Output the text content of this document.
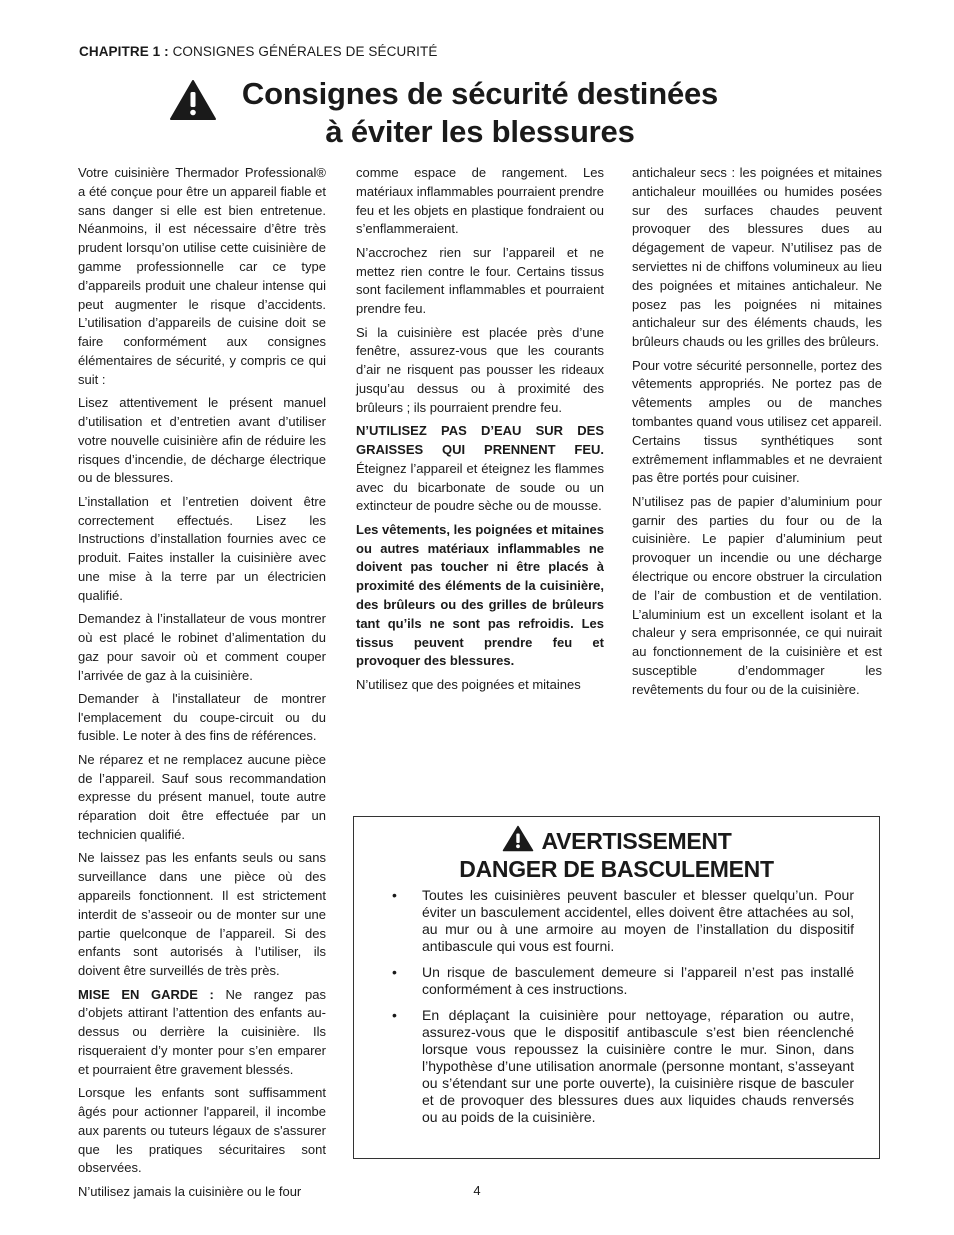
CHAPITRE 1 : CONSIGNES GÉNÉRALES DE SÉCURITÉ
Consignes de sécurité destinées
à éviter les blessures

Votre cuisinière Thermador Professional® a été conçue pour être un appareil fiable et sans danger si elle est bien entretenue. Néanmoins, il est nécessaire d’être très prudent lorsqu’on utilise cette cuisinière de gamme professionnelle car ce type d’appareils produit une chaleur intense qui peut augmenter le risque d’accidents. L’utilisation d’appareils de cuisine doit se faire conformément aux consignes élémentaires de sécurité, y compris ce qui suit :

Lisez attentivement le présent manuel d’utilisation et d’entretien avant d’utiliser votre nouvelle cuisinière afin de réduire les risques d’incendie, de décharge électrique ou de blessures.

L’installation et l’entretien doivent être correctement effectués. Lisez les Instructions d’installation fournies avec ce produit. Faites installer la cuisinière avec une mise à la terre par un électricien qualifié.

Demandez à l’installateur de vous montrer où est placé le robinet d’alimentation du gaz pour savoir où et comment couper l’arrivée de gaz à la cuisinière.

Demander à l'installateur de montrer l'emplacement du coupe-circuit ou du fusible. Le noter à des fins de références.

Ne réparez et ne remplacez aucune pièce de l’appareil. Sauf sous recommandation expresse du présent manuel, toute autre réparation doit être effectuée par un technicien qualifié.

Ne laissez pas les enfants seuls ou sans surveillance dans une pièce où des appareils fonctionnent. Il est strictement interdit de s’asseoir ou de monter sur une partie quelconque de l’appareil. Si des enfants sont autorisés à l’utiliser, ils doivent être surveillés de très près.

MISE EN GARDE : Ne rangez pas d’objets attirant l’attention des enfants au-dessus ou derrière la cuisinière. Ils risqueraient d’y monter pour s’en emparer et pourraient être gravement blessés.

Lorsque les enfants sont suffisamment âgés pour actionner l'appareil, il incombe aux parents ou tuteurs légaux de s'assurer que les pratiques sécuritaires sont observées.

N’utilisez jamais la cuisinière ou le four

comme espace de rangement. Les matériaux inflammables pourraient prendre feu et les objets en plastique fondraient ou s’enflammeraient.

N’accrochez rien sur l’appareil et ne mettez rien contre le four. Certains tissus sont facilement inflammables et pourraient prendre feu.

Si la cuisinière est placée près d’une fenêtre, assurez-vous que les courants d’air ne risquent pas pousser les rideaux jusqu’au dessus ou à proximité des brûleurs ; ils pourraient prendre feu.

N’UTILISEZ PAS D’EAU SUR DES GRAISSES QUI PRENNENT FEU. Éteignez l’appareil et éteignez les flammes avec du bicarbonate de soude ou un extincteur de poudre sèche ou de mousse.

Les vêtements, les poignées et mitaines ou autres matériaux inflammables ne doivent pas toucher ni être placés à proximité des éléments de la cuisinière, des brûleurs ou des grilles de brûleurs tant qu’ils ne sont pas refroidis. Les tissus peuvent prendre feu et provoquer des blessures.

N’utilisez que des poignées et mitaines

antichaleur secs : les poignées et mitaines antichaleur mouillées ou humides posées sur des surfaces chaudes peuvent provoquer des blessures dues au dégagement de vapeur. N’utilisez pas de serviettes ni de chiffons volumineux au lieu des poignées et mitaines antichaleur. Ne posez pas les poignées ni mitaines antichaleur sur des éléments chauds, les brûleurs chauds ou les grilles des brûleurs.

Pour votre sécurité personnelle, portez des vêtements appropriés. Ne portez pas de vêtements amples ou de manches tombantes quand vous utilisez cet appareil. Certains tissus synthétiques sont extrêmement inflammables et ne devraient pas être portés pour cuisiner.

N’utilisez pas de papier d’aluminium pour garnir des parties du four ou de la cuisinière. Le papier d’aluminium peut provoquer un incendie ou une décharge électrique ou encore obstruer la circulation de l’air de combustion et de ventilation. L’aluminium est un excellent isolant et la chaleur y sera emprisonnée, ce qui nuirait au fonctionnement de la cuisinière et est susceptible d’endommager les revêtements du four ou de la cuisinière.

AVERTISSEMENT
DANGER DE BASCULEMENT
• Toutes les cuisinières peuvent basculer et blesser quelqu’un. Pour éviter un basculement accidentel, elles doivent être attachées au sol, au mur ou à une armoire au moyen de l’installation du dispositif antibascule qui vous est fourni.
• Un risque de basculement demeure si l’appareil n’est pas installé conformément à ces instructions.
• En déplaçant la cuisinière pour nettoyage, réparation ou autre, assurez-vous que le dispositif antibascule s’est bien réenclenché lorsque vous repoussez la cuisinière contre le mur. Sinon, dans l’hypothèse d’une utilisation anormale (personne montant, s’asseyant ou s’étendant sur une porte ouverte), la cuisinière risque de basculer et de provoquer des blessures dues aux liquides chauds renversés ou au poids de la cuisinière.
4
